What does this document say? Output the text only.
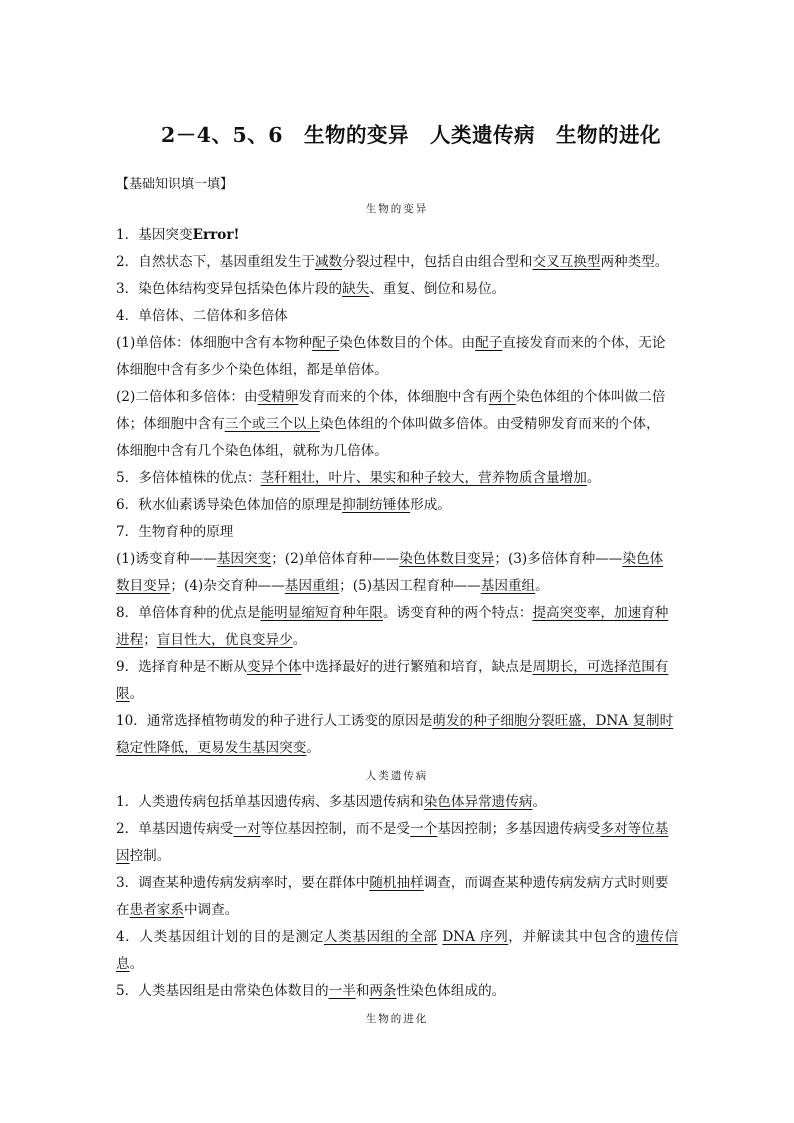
2－4、5、6　生物的变异　人类遗传病　生物的进化
【基础知识填一填】
生物的变异

1．基因突变Error!

2．自然状态下，基因重组发生于减数分裂过程中，包括自由组合型和交叉互换型两种类型。

3．染色体结构变异包括染色体片段的缺失、重复、倒位和易位。

4．单倍体、二倍体和多倍体

(1)单倍体：体细胞中含有本物种配子染色体数目的个体。由配子直接发育而来的个体，无论

体细胞中含有多少个染色体组，都是单倍体。

(2)二倍体和多倍体：由受精卵发育而来的个体，体细胞中含有两个染色体组的个体叫做二倍

体；体细胞中含有三个或三个以上染色体组的个体叫做多倍体。由受精卵发育而来的个体，

体细胞中含有几个染色体组，就称为几倍体。

5．多倍体植株的优点：茎秆粗壮，叶片、果实和种子较大，营养物质含量增加。

6．秋水仙素诱导染色体加倍的原理是抑制纺锤体形成。

7．生物育种的原理

(1)诱变育种——基因突变；(2)单倍体育种——染色体数目变异；(3)多倍体育种——染色体

数目变异；(4)杂交育种——基因重组；(5)基因工程育种——基因重组。

8．单倍体育种的优点是能明显缩短育种年限。诱变育种的两个特点：提高突变率，加速育种

进程；盲目性大，优良变异少。

9．选择育种是不断从变异个体中选择最好的进行繁殖和培育，缺点是周期长，可选择范围有

限。

10．通常选择植物萌发的种子进行人工诱变的原因是萌发的种子细胞分裂旺盛，DNA 复制时

稳定性降低，更易发生基因突变。

人类遗传病

1．人类遗传病包括单基因遗传病、多基因遗传病和染色体异常遗传病。

2．单基因遗传病受一对等位基因控制，而不是受一个基因控制；多基因遗传病受多对等位基

因控制。

3．调查某种遗传病发病率时，要在群体中随机抽样调查，而调查某种遗传病发病方式时则要

在患者家系中调查。

4．人类基因组计划的目的是测定人类基因组的全部 DNA 序列，并解读其中包含的遗传信息。

5．人类基因组是由常染色体数目的一半和两条性染色体组成的。

生物的进化
